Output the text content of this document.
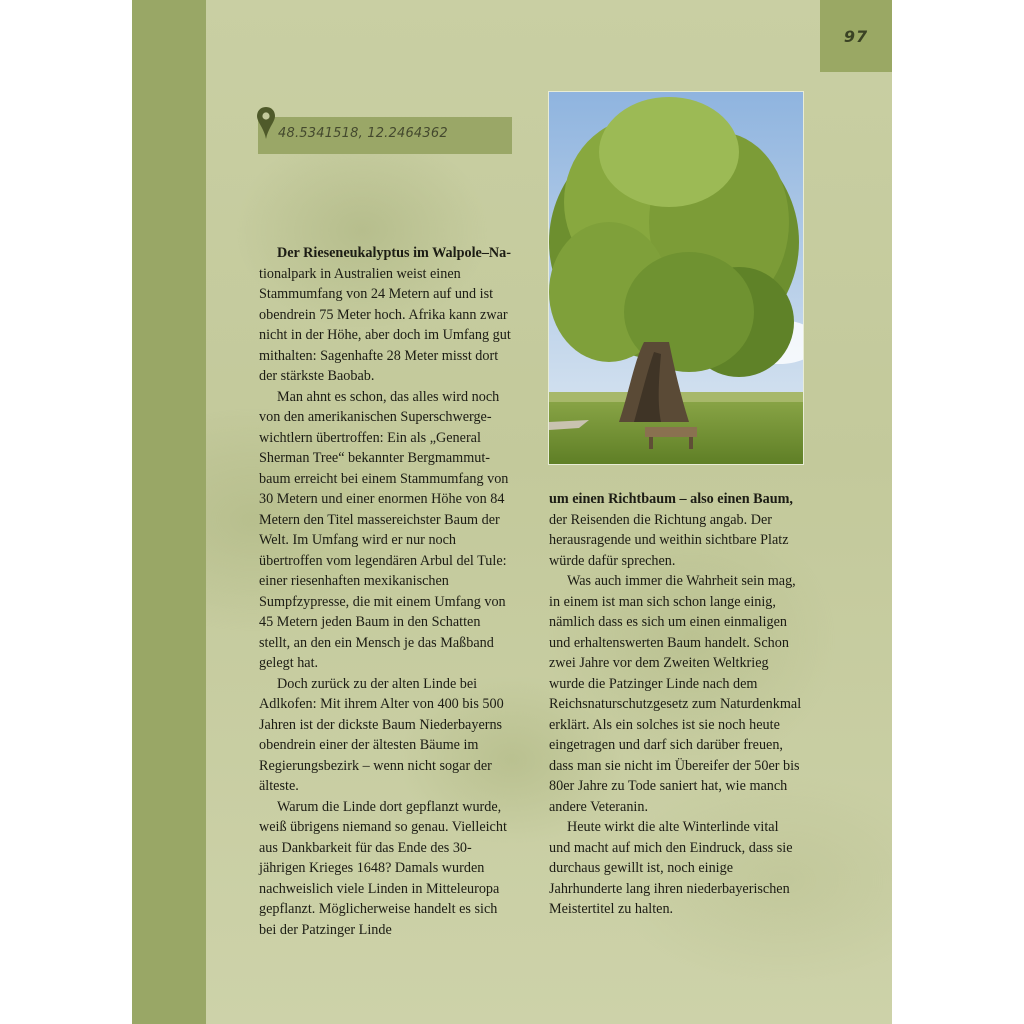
97
48.5341518, 12.2464362

Der Rieseneukalyptus im Walpole–Na- tionalpark in Australien weist einen Stammumfang von 24 Metern auf und ist obendrein 75 Meter hoch. Afrika kann zwar nicht in der Höhe, aber doch im Umfang gut mithalten: Sagenhafte 28 Meter misst dort der stärkste Baobab.

Man ahnt es schon, das alles wird noch von den amerikanischen Superschwergewichtlern übertroffen: Ein als „General Sherman Tree“ bekannter Bergmammutbaum erreicht bei einem Stammumfang von 30 Metern und einer enormen Höhe von 84 Metern den Titel massereichster Baum der Welt. Im Umfang wird er nur noch übertroffen vom legendären Arbul del Tule: einer riesenhaften mexikanischen Sumpfzypresse, die mit einem Umfang von 45 Metern jeden Baum in den Schatten stellt, an den ein Mensch je das Maßband gelegt hat.

Doch zurück zu der alten Linde bei Adlkofen: Mit ihrem Alter von 400 bis 500 Jahren ist der dickste Baum Niederbayerns obendrein einer der ältesten Bäume im Regierungsbezirk – wenn nicht sogar der älteste.

Warum die Linde dort gepflanzt wurde, weiß übrigens niemand so genau. Vielleicht aus Dankbarkeit für das Ende des 30-jährigen Krieges 1648? Damals wurden nachweislich viele Linden in Mitteleuropa gepflanzt. Möglicherweise handelt es sich bei der Patzinger Linde

um einen Richtbaum – also einen Baum, der Reisenden die Richtung angab. Der herausragende und weithin sichtbare Platz würde dafür sprechen.

Was auch immer die Wahrheit sein mag, in einem ist man sich schon lange einig, nämlich dass es sich um einen einmaligen und erhaltenswerten Baum handelt. Schon zwei Jahre vor dem Zweiten Weltkrieg wurde die Patzinger Linde nach dem Reichsnaturschutzgesetz zum Naturdenkmal erklärt. Als ein solches ist sie noch heute eingetragen und darf sich darüber freuen, dass man sie nicht im Übereifer der 50er bis 80er Jahre zu Tode saniert hat, wie manch andere Veteranin.

Heute wirkt die alte Winterlinde vital und macht auf mich den Eindruck, dass sie durchaus gewillt ist, noch einige Jahrhunderte lang ihren niederbayerischen Meistertitel zu halten.
